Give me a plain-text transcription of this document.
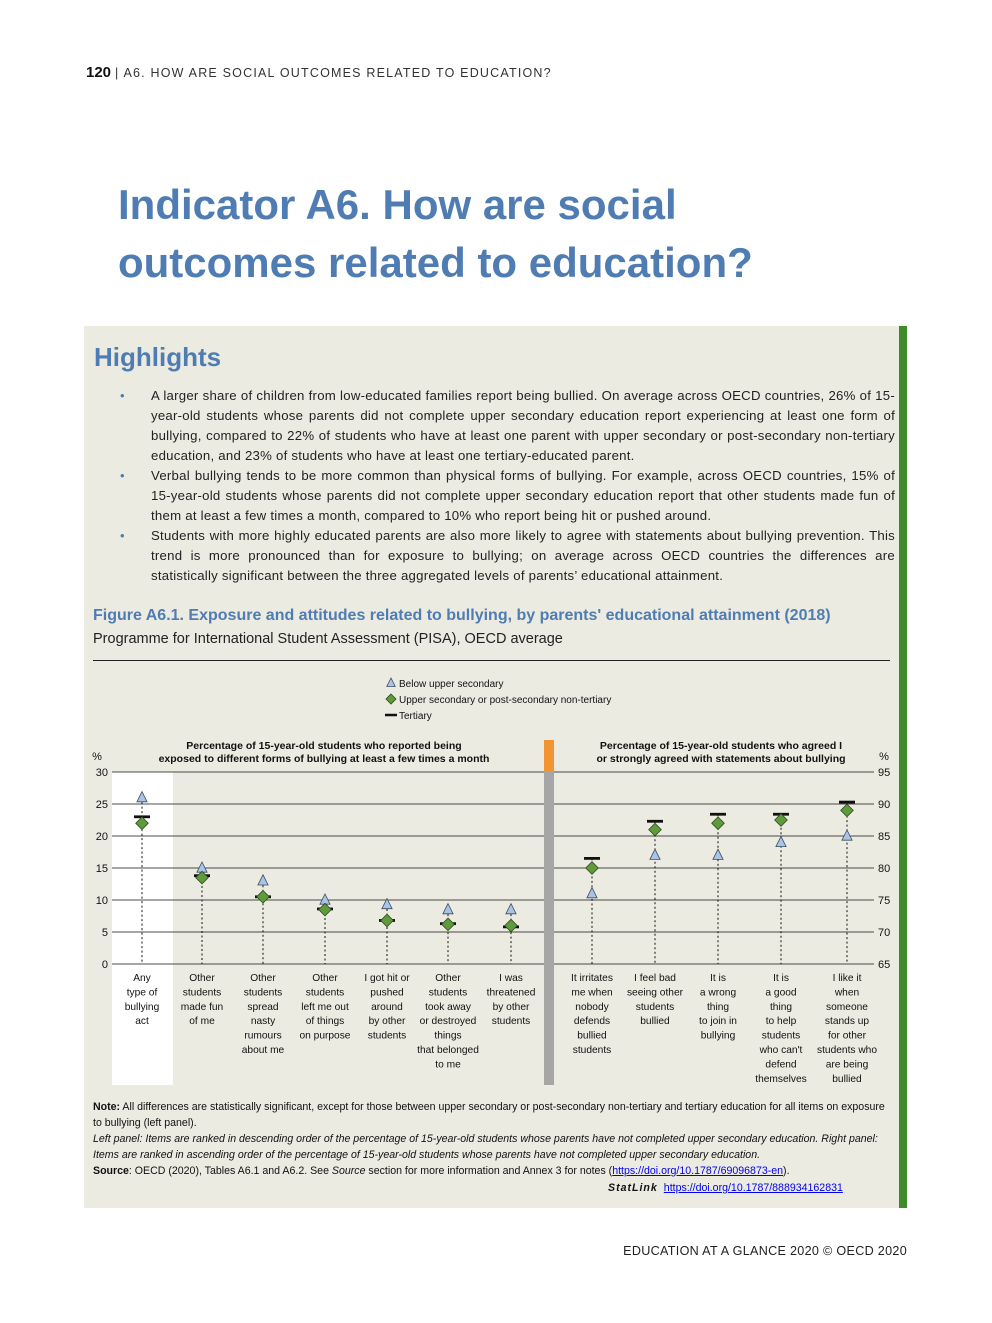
120 | A6. HOW ARE SOCIAL OUTCOMES RELATED TO EDUCATION?
Indicator A6. How are social outcomes related to education?
Highlights
• A larger share of children from low-educated families report being bullied. On average across OECD countries, 26% of 15-year-old students whose parents did not complete upper secondary education report experiencing at least one form of bullying, compared to 22% of students who have at least one parent with upper secondary or post-secondary non-tertiary education, and 23% of students who have at least one tertiary-educated parent.
• Verbal bullying tends to be more common than physical forms of bullying. For example, across OECD countries, 15% of 15-year-old students whose parents did not complete upper secondary education report that other students made fun of them at least a few times a month, compared to 10% who report being hit or pushed around.
• Students with more highly educated parents are also more likely to agree with statements about bullying prevention. This trend is more pronounced than for exposure to bullying; on average across OECD countries the differences are statistically significant between the three aggregated levels of parents’ educational attainment.
Figure A6.1. Exposure and attitudes related to bullying, by parents' educational attainment (2018)
Programme for International Student Assessment (PISA), OECD average
Below upper secondary
Upper secondary or post-secondary non-tertiary
Tertiary
Percentage of 15-year-old students who reported being
exposed to different forms of bullying at least a few times a month
%
0
5
10
15
20
25
30
Any
type of
bullying
act
Other
students
made fun
of me
Other
students
spread
nasty
rumours
about me
Other
students
left me out
of things
on purpose
I got hit or
pushed
around
by other
students
Other
students
took away
or destroyed
things
that belonged
to me
I was
threatened
by other
students
Percentage of 15-year-old students who agreed I
or strongly agreed with statements about bullying	%
65
70
75
80
85
90
95
It irritates
me when
nobody
defends
bullied
students
I feel bad
seeing other
students
bullied
It is
a wrong
thing
to join in
bullying
It is
a good
thing
to help
students
who can't
defend
themselves
I like it
when
someone
stands up
for other
students who
are being
bullied

Note: All differences are statistically significant, except for those between upper secondary or post-secondary non-tertiary and tertiary education for all items on exposure to bullying (left panel).

Left panel: Items are ranked in descending order of the percentage of 15-year-old students whose parents have not completed upper secondary education. Right panel: Items are ranked in ascending order of the percentage of 15-year-old students whose parents have not completed upper secondary education.

Source: OECD (2020), Tables A6.1 and A6.2. See Source section for more information and Annex 3 for notes (https://doi.org/10.1787/69096873-en).

StatLink https://doi.org/10.1787/888934162831
EDUCATION AT A GLANCE 2020 © OECD 2020
